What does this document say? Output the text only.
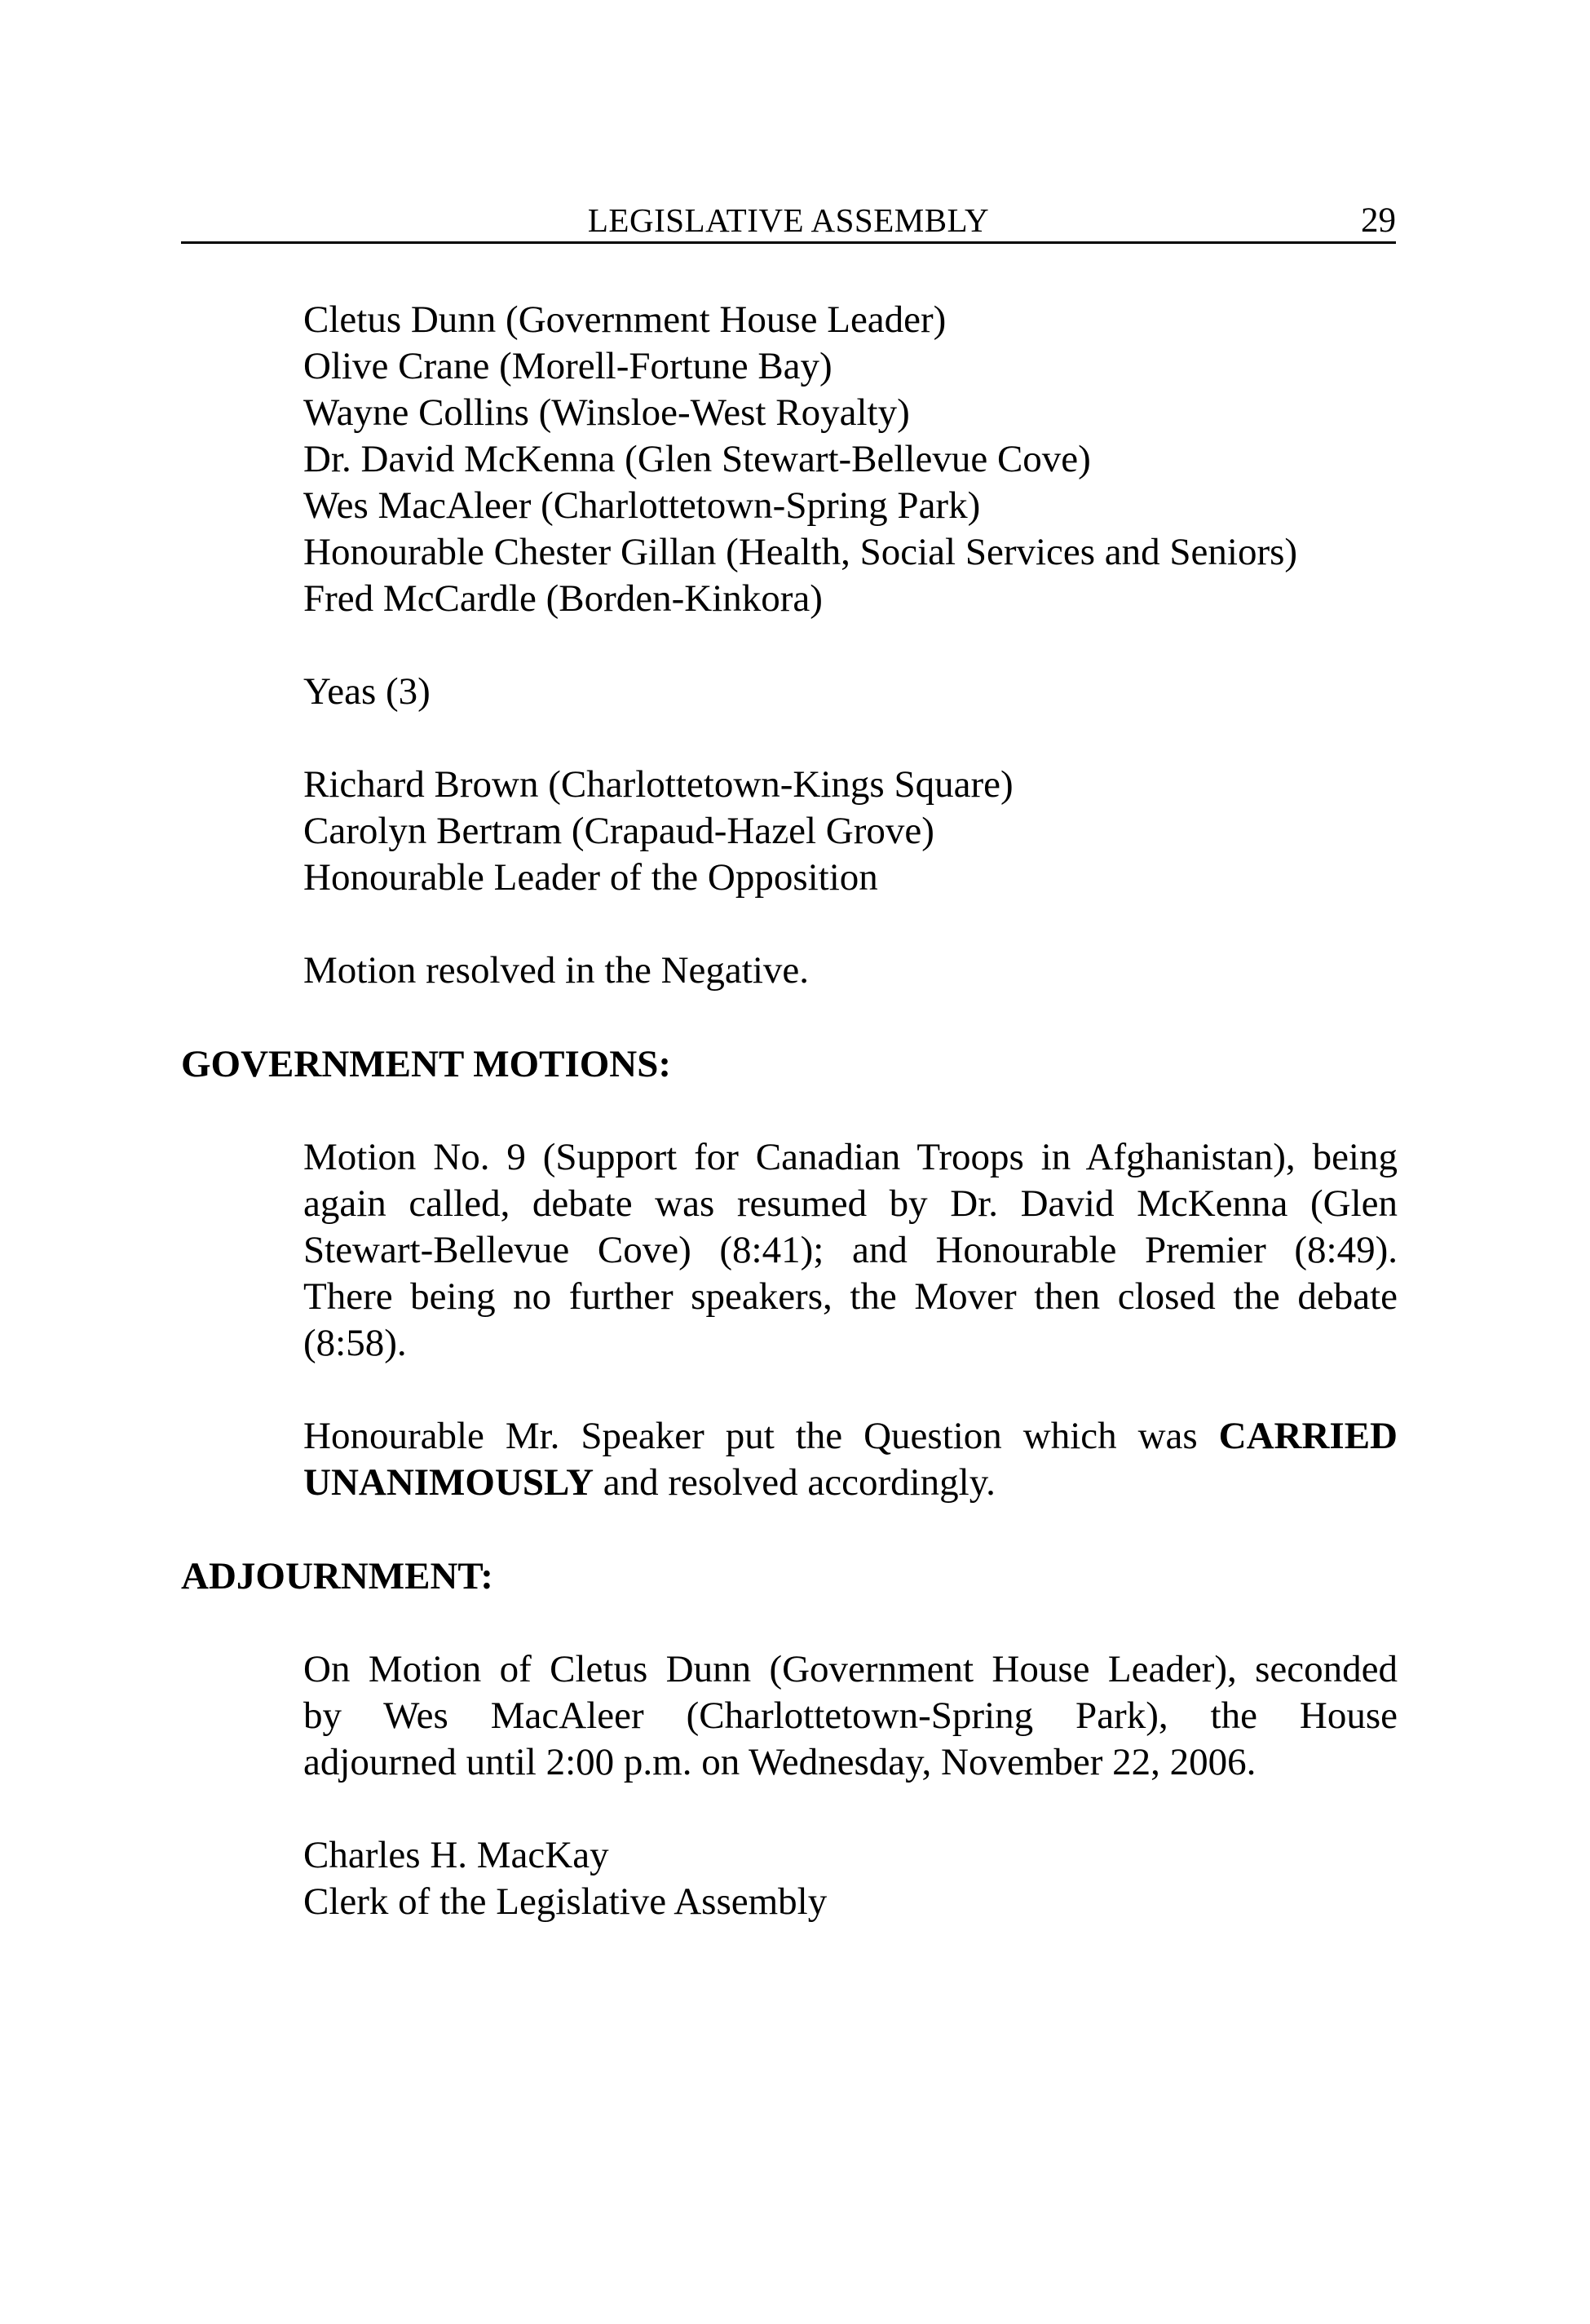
LEGISLATIVE ASSEMBLY	29
Cletus Dunn (Government House Leader)
Olive Crane (Morell-Fortune Bay)
Wayne Collins (Winsloe-West Royalty)
Dr. David McKenna (Glen Stewart-Bellevue Cove)
Wes MacAleer (Charlottetown-Spring Park)
Honourable Chester Gillan (Health, Social Services and Seniors)
Fred McCardle (Borden-Kinkora)
Yeas (3)
Richard Brown (Charlottetown-Kings Square)
Carolyn Bertram (Crapaud-Hazel Grove)
Honourable Leader of the Opposition
Motion resolved in the Negative.
GOVERNMENT MOTIONS:
Motion No. 9 (Support for Canadian Troops in Afghanistan), being
again called, debate was resumed by Dr. David McKenna (Glen
Stewart-Bellevue Cove) (8:41); and Honourable Premier (8:49).
There being no further speakers, the Mover then closed the debate
(8:58).
Honourable Mr. Speaker put the Question which was CARRIED
UNANIMOUSLY and resolved accordingly.
ADJOURNMENT:
On Motion of Cletus Dunn (Government House Leader), seconded
by Wes MacAleer (Charlottetown-Spring Park), the House
adjourned until 2:00 p.m. on Wednesday, November 22, 2006.
Charles H. MacKay
Clerk of the Legislative Assembly
